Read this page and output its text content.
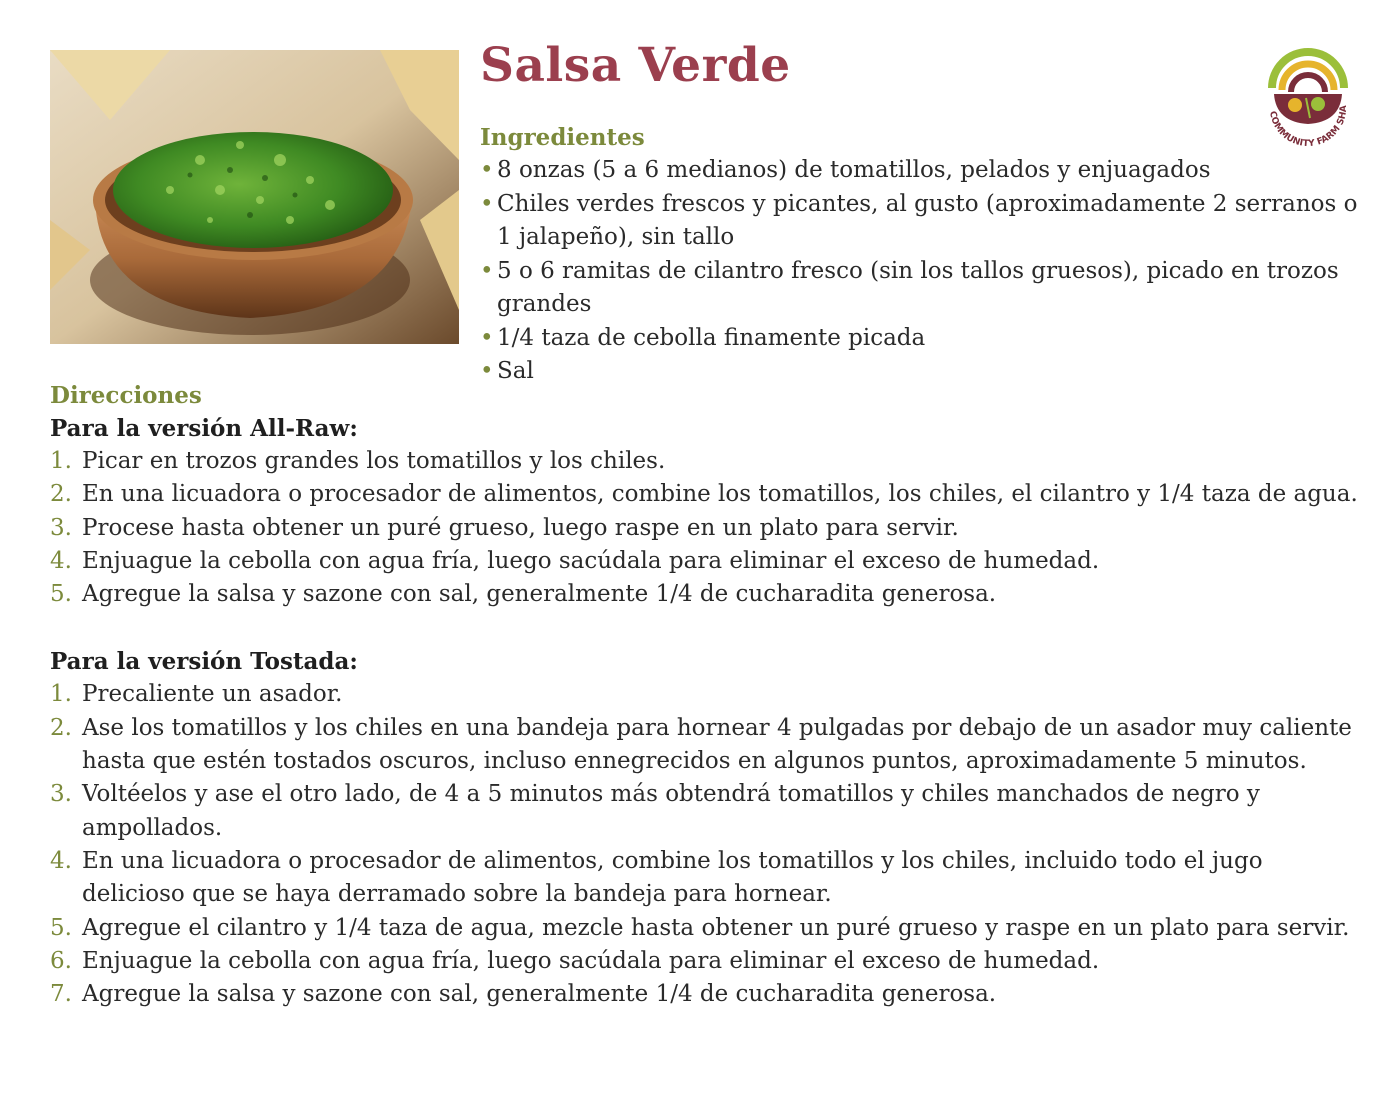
Salsa Verde
COMMUNITY FARM SHA
Ingredientes
• 8 onzas (5 a 6 medianos) de tomatillos, pelados y enjuagados
• Chiles verdes frescos y picantes, al gusto (aproximadamente 2 serranos o 1 jalapeño), sin tallo
• 5 o 6 ramitas de cilantro fresco (sin los tallos gruesos), picado en trozos grandes
• 1/4 taza de cebolla finamente picada
• Sal
Direcciones
Para la versión All-Raw:
1. Picar en trozos grandes los tomatillos y los chiles.
2. En una licuadora o procesador de alimentos, combine los tomatillos, los chiles, el cilantro y 1/4 taza de agua.
3. Procese hasta obtener un puré grueso, luego raspe en un plato para servir.
4. Enjuague la cebolla con agua fría, luego sacúdala para eliminar el exceso de humedad.
5. Agregue la salsa y sazone con sal, generalmente 1/4 de cucharadita generosa.
Para la versión Tostada:
1. Precaliente un asador.
2. Ase los tomatillos y los chiles en una bandeja para hornear 4 pulgadas por debajo de un asador muy caliente hasta que estén tostados oscuros, incluso ennegrecidos en algunos puntos, aproximadamente 5 minutos.
3. Voltéelos y ase el otro lado, de 4 a 5 minutos más obtendrá tomatillos y chiles manchados de negro y ampollados.
4. En una licuadora o procesador de alimentos, combine los tomatillos y los chiles, incluido todo el jugo delicioso que se haya derramado sobre la bandeja para hornear.
5. Agregue el cilantro y 1/4 taza de agua, mezcle hasta obtener un puré grueso y raspe en un plato para servir.
6. Enjuague la cebolla con agua fría, luego sacúdala para eliminar el exceso de humedad.
7. Agregue la salsa y sazone con sal, generalmente 1/4 de cucharadita generosa.
